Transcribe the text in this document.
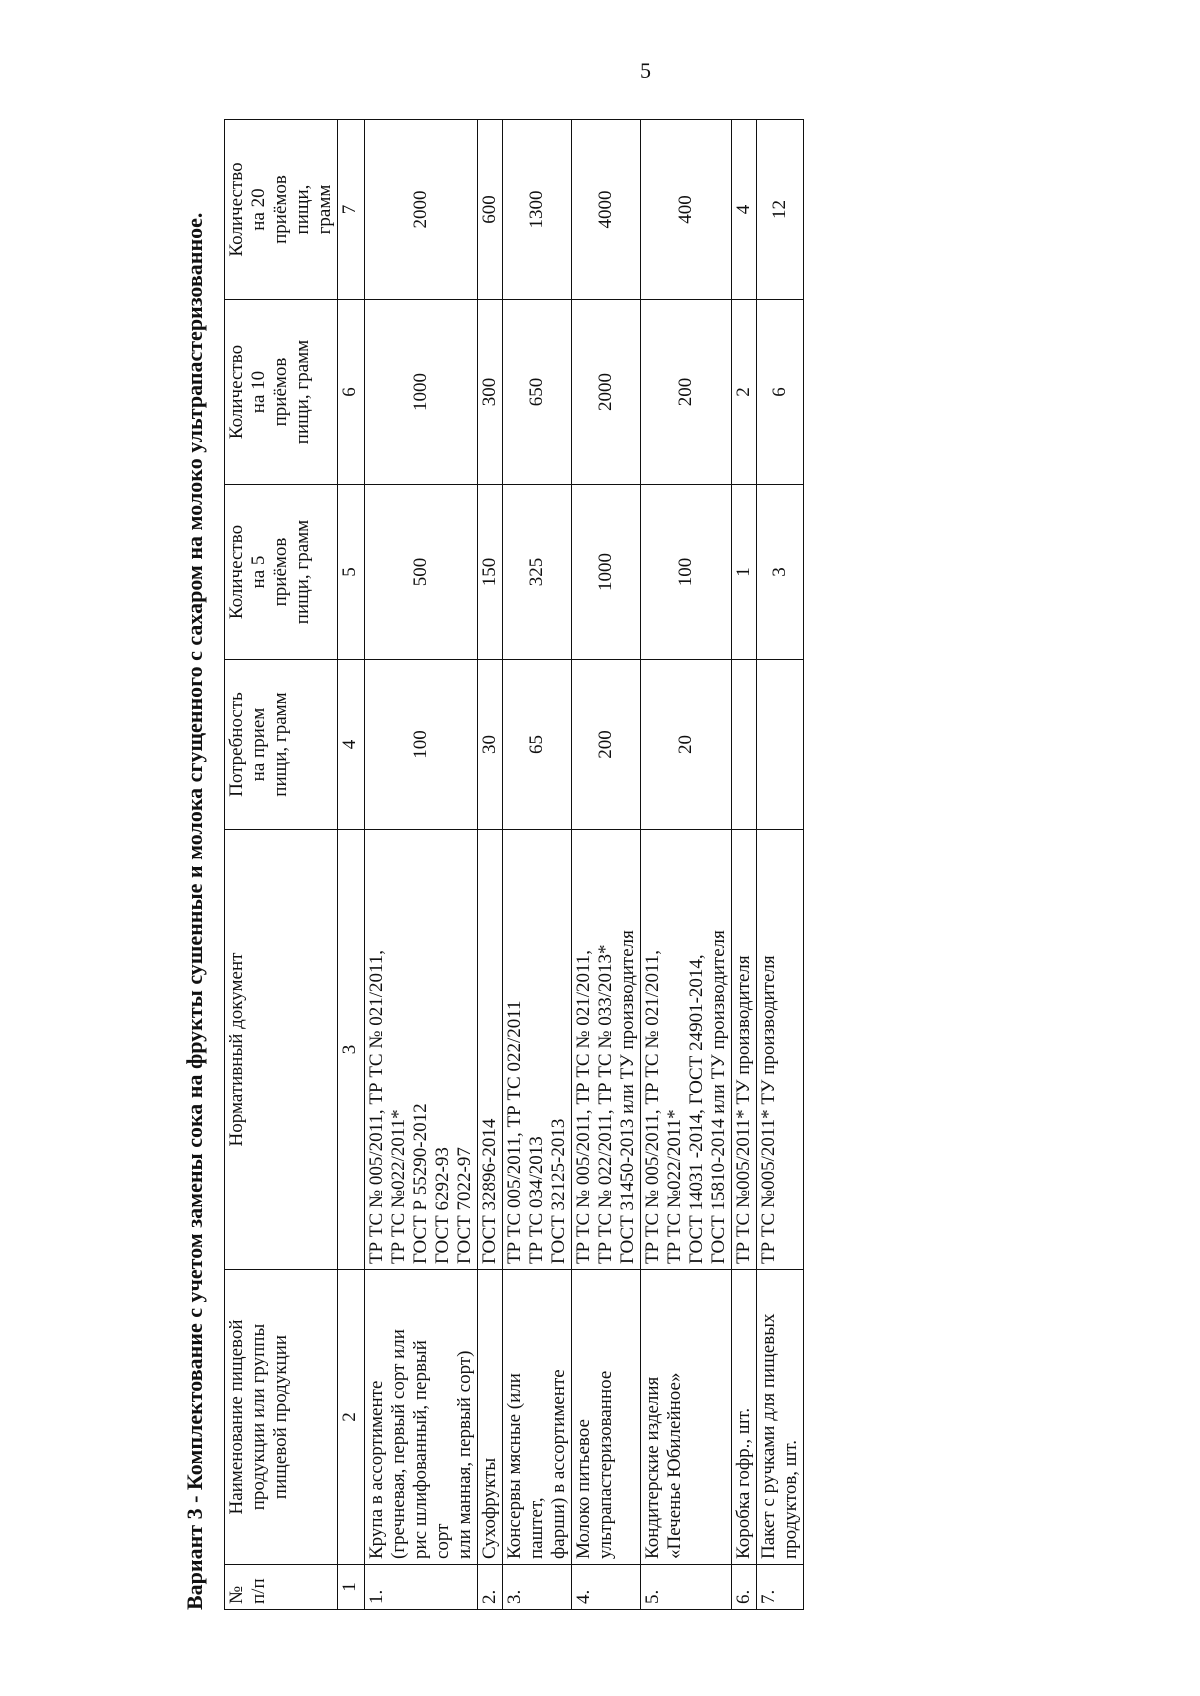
5
Вариант 3 - Комплектование с учетом замены сока на фрукты сушенные и молока сгущенного с сахаром на молоко ультрапастеризованное. №
п/п	Наименование пищевой
продукции или группы
пищевой продукции	Нормативный документ	Потребность
на прием
пищи, грамм	Количество
на 5
приёмов
пищи, грамм	Количество
на 10
приёмов
пищи, грамм	Количество
на 20
приёмов
пищи,
грамм
1	2	3	4	5	6	7
1.	Крупа в ассортименте
(гречневая, первый сорт или
рис шлифованный, первый
сорт
или манная, первый сорт)	ТР ТС № 005/2011, ТР ТС № 021/2011,
ТР ТС №022/2011*
ГОСТ Р 55290-2012
ГОСТ 6292-93
ГОСТ 7022-97	100	500	1000	2000
2.	Сухофрукты	ГОСТ 32896-2014	30	150	300	600
3.	Консервы мясные (или
паштет,
фарши) в ассортименте	ТР ТС 005/2011, ТР ТС 022/2011
ТР ТС 034/2013
ГОСТ 32125-2013	65	325	650	1300
4.	Молоко питьевое
ультрапастеризованное	ТР ТС № 005/2011, ТР ТС № 021/2011,
ТР ТС № 022/2011, ТР ТС № 033/2013*
ГОСТ 31450-2013 или ТУ производителя	200	1000	2000	4000
5.	Кондитерские изделия
«Печенье Юбилейное»	ТР ТС № 005/2011, ТР ТС № 021/2011,
ТР ТС №022/2011*
ГОСТ 14031 -2014, ГОСТ 24901-2014,
ГОСТ 15810-2014 или ТУ производителя	20	100	200	400
6.	Коробка гофр., шт.	ТР ТС №005/2011* ТУ производителя		1	2	4
7.	Пакет с ручками для пищевых
продуктов, шт.	ТР ТС №005/2011* ТУ производителя		3	6	12
